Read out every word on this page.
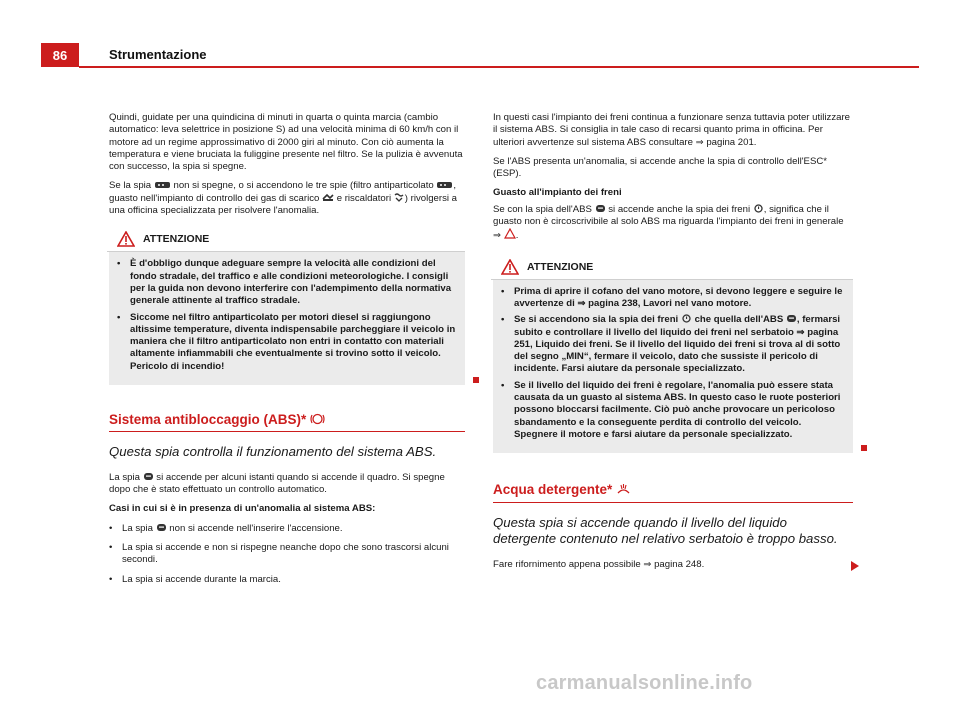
86	Strumentazione

Quindi, guidate per una quindicina di minuti in quarta o quinta marcia (cambio automatico: leva selettrice in posizione S) ad una velocità minima di 60 km/h con il motore ad un regime approssimativo di 2000 giri al minuto. Con ciò aumenta la temperatura e viene bruciata la fuliggine presente nel filtro. Se la pulizia è avvenuta con successo, la spia si spegne.

Se la spia non si spegne, o si accendono le tre spie (filtro antiparticolato , guasto nell'impianto di controllo dei gas di scarico e riscaldatori ) rivolgersi a una officina specializzata per risolvere l'anomalia.

ATTENZIONE

• È d'obbligo dunque adeguare sempre la velocità alle condizioni del fondo stradale, del traffico e alle condizioni meteorologiche. I consigli per la guida non devono interferire con l'adempimento della normativa generale attinente al traffico stradale.

• Siccome nel filtro antiparticolato per motori diesel si raggiungono altissime temperature, diventa indispensabile parcheggiare il veicolo in maniera che il filtro antiparticolato non entri in contatto con materiali altamente infiammabili che eventualmente si trovino sotto il veicolo. Pericolo di incendio!

Sistema antibloccaggio (ABS)*
Questa spia controlla il funzionamento del sistema ABS.

La spia si accende per alcuni istanti quando si accende il quadro. Si spegne dopo che è stato effettuato un controllo automatico.

Casi in cui si è in presenza di un'anomalia al sistema ABS:

• La spia non si accende nell'inserire l'accensione.

• La spia si accende e non si rispegne neanche dopo che sono trascorsi alcuni secondi.

• La spia si accende durante la marcia.

In questi casi l'impianto dei freni continua a funzionare senza tuttavia poter utilizzare il sistema ABS. Si consiglia in tale caso di recarsi quanto prima in officina. Per ulteriori avvertenze sul sistema ABS consultare ⇒ pagina 201.

Se l'ABS presenta un'anomalia, si accende anche la spia di controllo dell'ESC* (ESP).

Guasto all'impianto dei freni

Se con la spia dell'ABS si accende anche la spia dei freni , significa che il guasto non è circoscrivibile al solo ABS ma riguarda l'impianto dei freni in generale ⇒ .

ATTENZIONE

• Prima di aprire il cofano del vano motore, si devono leggere e seguire le avvertenze di ⇒ pagina 238, Lavori nel vano motore.

• Se si accendono sia la spia dei freni che quella dell'ABS , fermarsi subito e controllare il livello del liquido dei freni nel serbatoio ⇒ pagina 251, Liquido dei freni. Se il livello del liquido dei freni si trova al di sotto del segno „MIN“, fermare il veicolo, dato che sussiste il pericolo di incidente. Farsi aiutare da personale specializzato.

• Se il livello del liquido dei freni è regolare, l'anomalia può essere stata causata da un guasto al sistema ABS. In questo caso le ruote posteriori possono bloccarsi facilmente. Ciò può anche provocare un pericoloso sbandamento e la conseguente perdita di controllo del veicolo. Spegnere il motore e farsi aiutare da personale specializzato.

Acqua detergente*
Questa spia si accende quando il livello del liquido detergente contenuto nel relativo serbatoio è troppo basso.

Fare rifornimento appena possibile ⇒ pagina 248.

carmanualsonline.info
